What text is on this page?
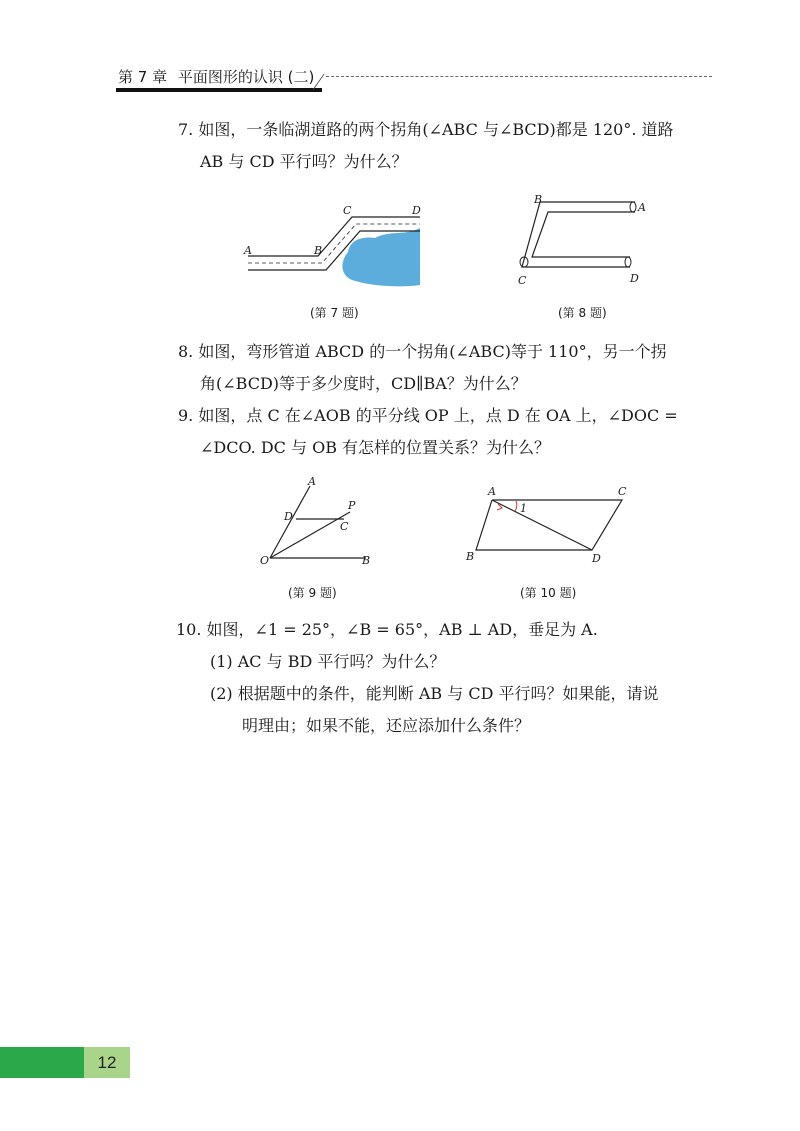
第 7 章 平面图形的认识 (二)
7. 如图，一条临湖道路的两个拐角(∠ABC 与∠BCD)都是 120°. 道路
AB 与 CD 平行吗？为什么？
A	B
C	D
(第 7 题)
A
B
C	D
(第 8 题)
8. 如图，弯形管道 ABCD 的一个拐角(∠ABC)等于 110°，另一个拐
角(∠BCD)等于多少度时，CD∥BA？为什么？
9. 如图，点 C 在∠AOB 的平分线 OP 上，点 D 在 OA 上，∠DOC =
∠DCO. DC 与 OB 有怎样的位置关系？为什么？
A
B
C
D
O
P
(第 9 题)
A
B
C
D
1
(第 10 题)
10. 如图，∠1 = 25°，∠B = 65°，AB ⊥ AD，垂足为 A.
(1) AC 与 BD 平行吗？为什么？
(2) 根据题中的条件，能判断 AB 与 CD 平行吗？如果能，请说
明理由；如果不能，还应添加什么条件？
12
